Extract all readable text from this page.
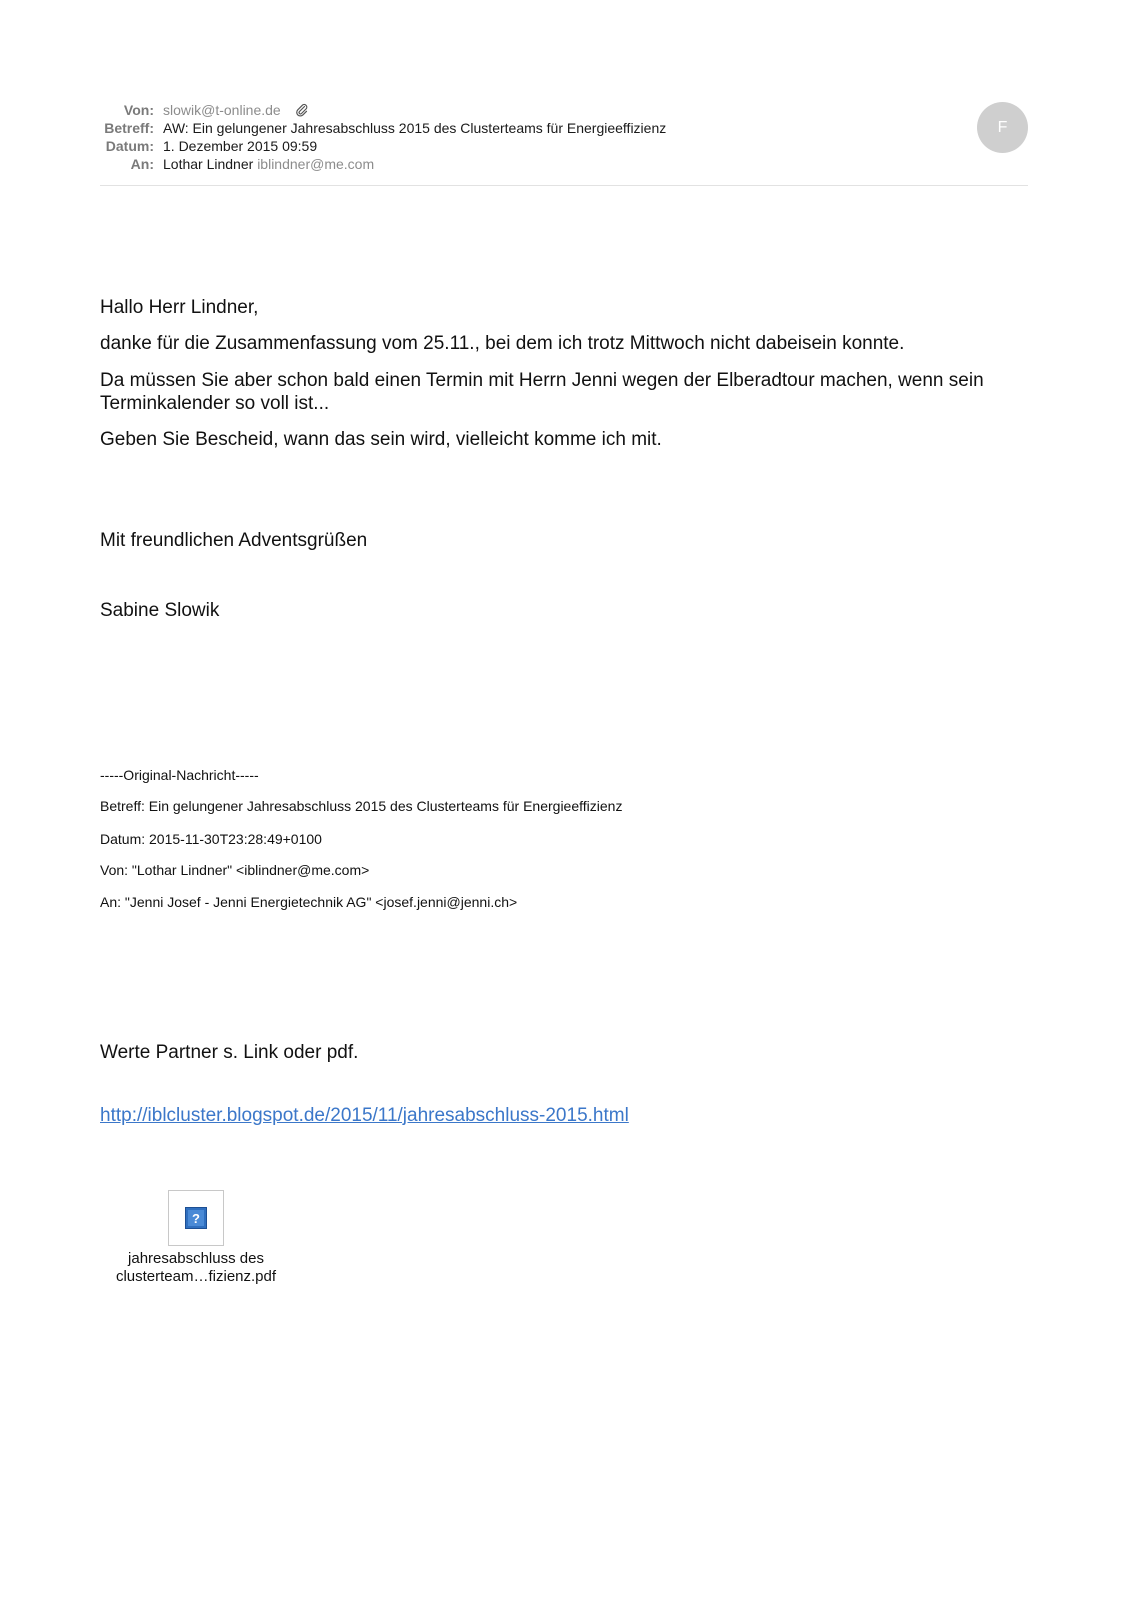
Von: slowik@t-online.de
Betreff: AW: Ein gelungener Jahresabschluss 2015 des Clusterteams für Energieeffizienz
Datum: 1. Dezember 2015 09:59
An: Lothar Lindner iblindner@me.com
F
Hallo Herr Lindner,
danke für die Zusammenfassung vom 25.11., bei dem ich trotz Mittwoch nicht dabeisein konnte.
Da müssen Sie aber schon bald einen Termin mit Herrn Jenni wegen der Elberadtour machen, wenn sein Terminkalender so voll ist...
Geben Sie Bescheid, wann das sein wird, vielleicht komme ich mit.
Mit freundlichen Adventsgrüßen
Sabine Slowik
-----Original-Nachricht-----
Betreff: Ein gelungener Jahresabschluss 2015 des Clusterteams für Energieeffizienz
Datum: 2015-11-30T23:28:49+0100
Von: "Lothar Lindner" <iblindner@me.com>
An: "Jenni Josef - Jenni Energietechnik AG" <josef.jenni@jenni.ch>
Werte Partner s. Link oder pdf.
http://iblcluster.blogspot.de/2015/11/jahresabschluss-2015.html
?
jahresabschluss des
clusterteam…fizienz.pdf
